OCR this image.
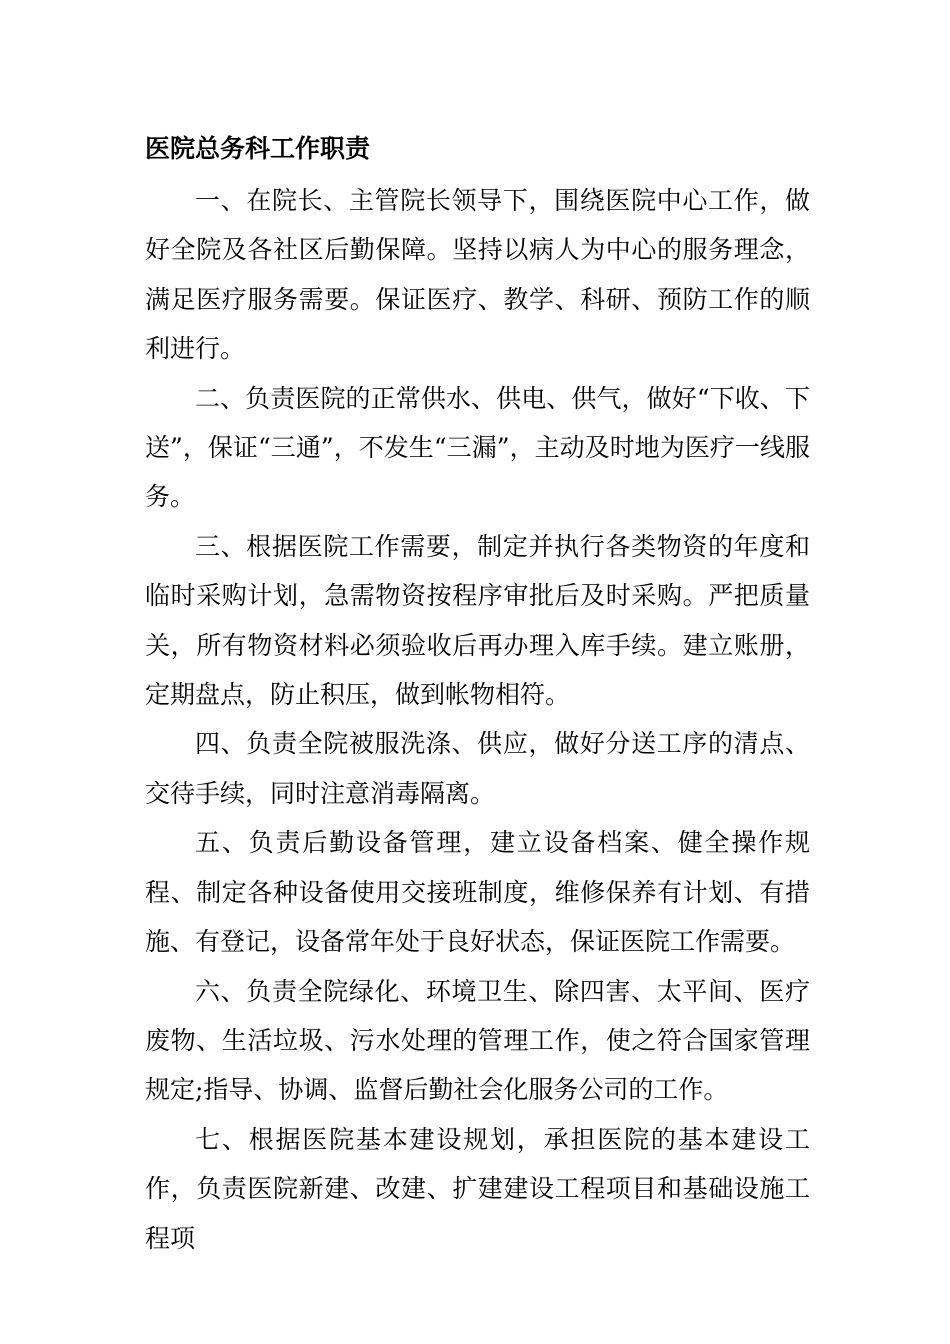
医院总务科工作职责

一、在院长、主管院长领导下，围绕医院中心工作，做好全院及各社区后勤保障。坚持以病人为中心的服务理念，满足医疗服务需要。保证医疗、教学、科研、预防工作的顺利进行。

二、负责医院的正常供水、供电、供气，做好“下收、下送”，保证“三通”，不发生“三漏”，主动及时地为医疗一线服务。

三、根据医院工作需要，制定并执行各类物资的年度和临时采购计划，急需物资按程序审批后及时采购。严把质量关，所有物资材料必须验收后再办理入库手续。建立账册，定期盘点，防止积压，做到帐物相符。

四、负责全院被服洗涤、供应，做好分送工序的清点、交待手续，同时注意消毒隔离。

五、负责后勤设备管理，建立设备档案、健全操作规程、制定各种设备使用交接班制度，维修保养有计划、有措施、有登记，设备常年处于良好状态，保证医院工作需要。

六、负责全院绿化、环境卫生、除四害、太平间、医疗废物、生活垃圾、污水处理的管理工作，使之符合国家管理规定;指导、协调、监督后勤社会化服务公司的工作。

七、根据医院基本建设规划，承担医院的基本建设工作，负责医院新建、改建、扩建建设工程项目和基础设施工程项
